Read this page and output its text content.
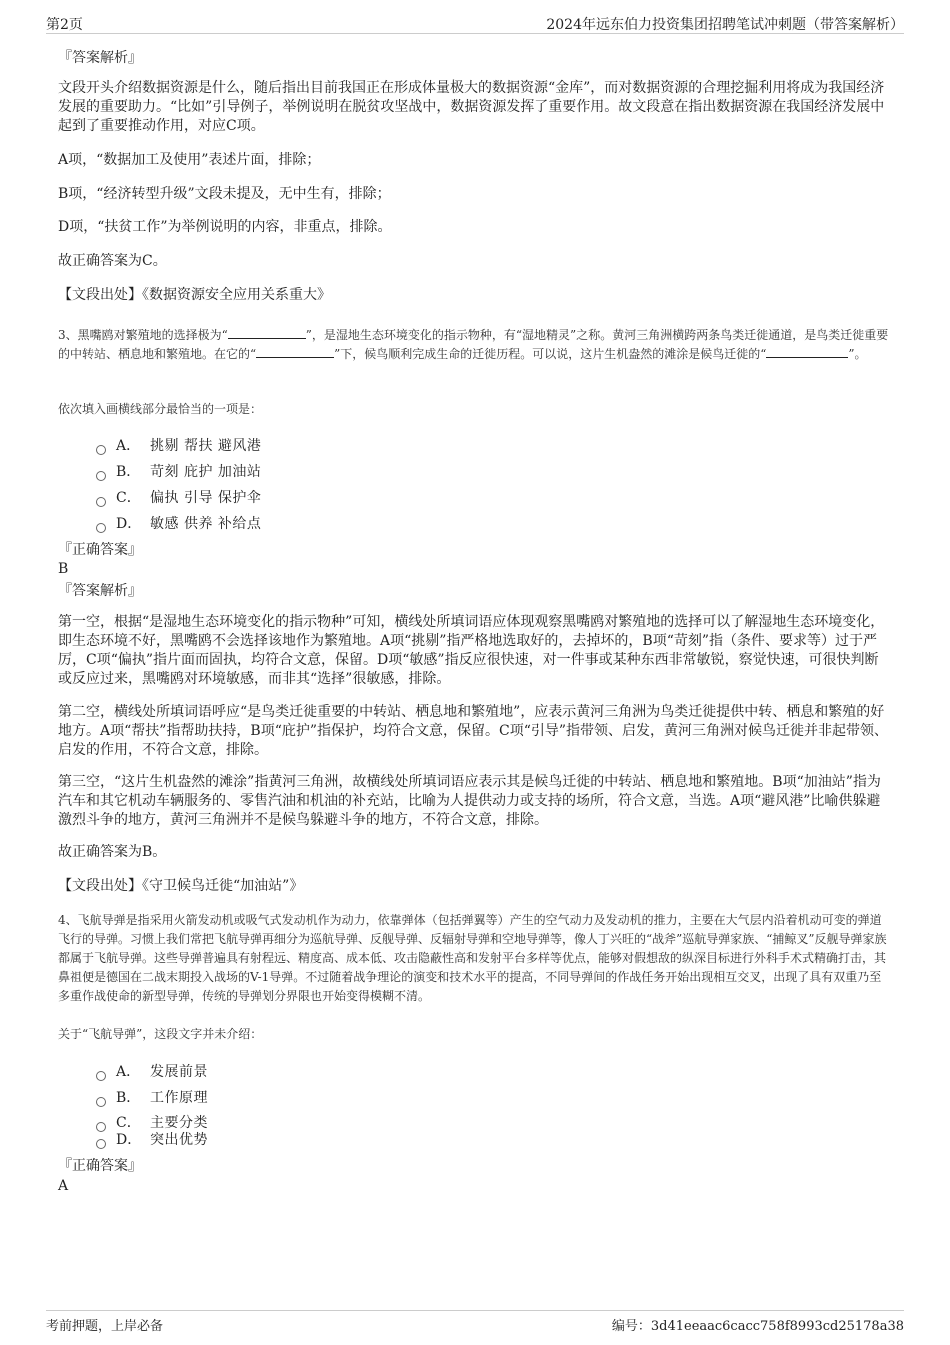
第2页	2024年远东伯力投资集团招聘笔试冲刺题（带答案解析）
『答案解析』
文段开头介绍数据资源是什么，随后指出目前我国正在形成体量极大的数据资源“金库”，而对数据资源的合理挖掘利用将成为我国经济发展的重要助力。“比如”引导例子，举例说明在脱贫攻坚战中，数据资源发挥了重要作用。故文段意在指出数据资源在我国经济发展中起到了重要推动作用，对应C项。
A项，“数据加工及使用”表述片面，排除；
B项，“经济转型升级”文段未提及，无中生有，排除；
D项，“扶贫工作”为举例说明的内容，非重点，排除。
故正确答案为C。
【文段出处】《数据资源安全应用关系重大》
3、黑嘴鸥对繁殖地的选择极为“	”，是湿地生态环境变化的指示物种，有“湿地精灵”之称。黄河三角洲横跨两条鸟类迁徙通道，是鸟类迁徙重要的中转站、栖息地和繁殖地。在它的“	”下，候鸟顺利完成生命的迁徙历程。可以说，这片生机盎然的滩涂是候鸟迁徙的“	”。
依次填入画横线部分最恰当的一项是：
A． 挑剔 帮扶 避风港
B． 苛刻 庇护 加油站
C． 偏执 引导 保护伞
D． 敏感 供养 补给点
『正确答案』
B
『答案解析』
第一空，根据“是湿地生态环境变化的指示物种”可知，横线处所填词语应体现观察黑嘴鸥对繁殖地的选择可以了解湿地生态环境变化，即生态环境不好，黑嘴鸥不会选择该地作为繁殖地。A项“挑剔”指严格地选取好的，去掉坏的，B项“苛刻”指（条件、要求等）过于严厉，C项“偏执”指片面而固执，均符合文意，保留。D项“敏感”指反应很快速，对一件事或某种东西非常敏锐，察觉快速，可很快判断或反应过来，黑嘴鸥对环境敏感，而非其“选择”很敏感，排除。
第二空，横线处所填词语呼应“是鸟类迁徙重要的中转站、栖息地和繁殖地”，应表示黄河三角洲为鸟类迁徙提供中转、栖息和繁殖的好地方。A项“帮扶”指帮助扶持，B项“庇护”指保护，均符合文意，保留。C项“引导”指带领、启发，黄河三角洲对候鸟迁徙并非起带领、启发的作用，不符合文意，排除。
第三空，“这片生机盎然的滩涂”指黄河三角洲，故横线处所填词语应表示其是候鸟迁徙的中转站、栖息地和繁殖地。B项“加油站”指为汽车和其它机动车辆服务的、零售汽油和机油的补充站，比喻为人提供动力或支持的场所，符合文意，当选。A项“避风港”比喻供躲避激烈斗争的地方，黄河三角洲并不是候鸟躲避斗争的地方，不符合文意，排除。
故正确答案为B。
【文段出处】《守卫候鸟迁徙“加油站”》
4、飞航导弹是指采用火箭发动机或吸气式发动机作为动力，依靠弹体（包括弹翼等）产生的空气动力及发动机的推力，主要在大气层内沿着机动可变的弹道飞行的导弹。习惯上我们常把飞航导弹再细分为巡航导弹、反舰导弹、反辐射导弹和空地导弹等，像人丁兴旺的“战斧”巡航导弹家族、“捕鲸叉”反舰导弹家族都属于飞航导弹。这些导弹普遍具有射程远、精度高、成本低、攻击隐蔽性高和发射平台多样等优点，能够对假想敌的纵深目标进行外科手术式精确打击，其鼻祖便是德国在二战末期投入战场的V-1导弹。不过随着战争理论的演变和技术水平的提高，不同导弹间的作战任务开始出现相互交叉，出现了具有双重乃至多重作战使命的新型导弹，传统的导弹划分界限也开始变得模糊不清。
关于“飞航导弹”，这段文字并未介绍：
A． 发展前景
B． 工作原理
C． 主要分类
D． 突出优势
『正确答案』
A
考前押题，上岸必备	编号：3d41eeaac6cacc758f8993cd25178a38
